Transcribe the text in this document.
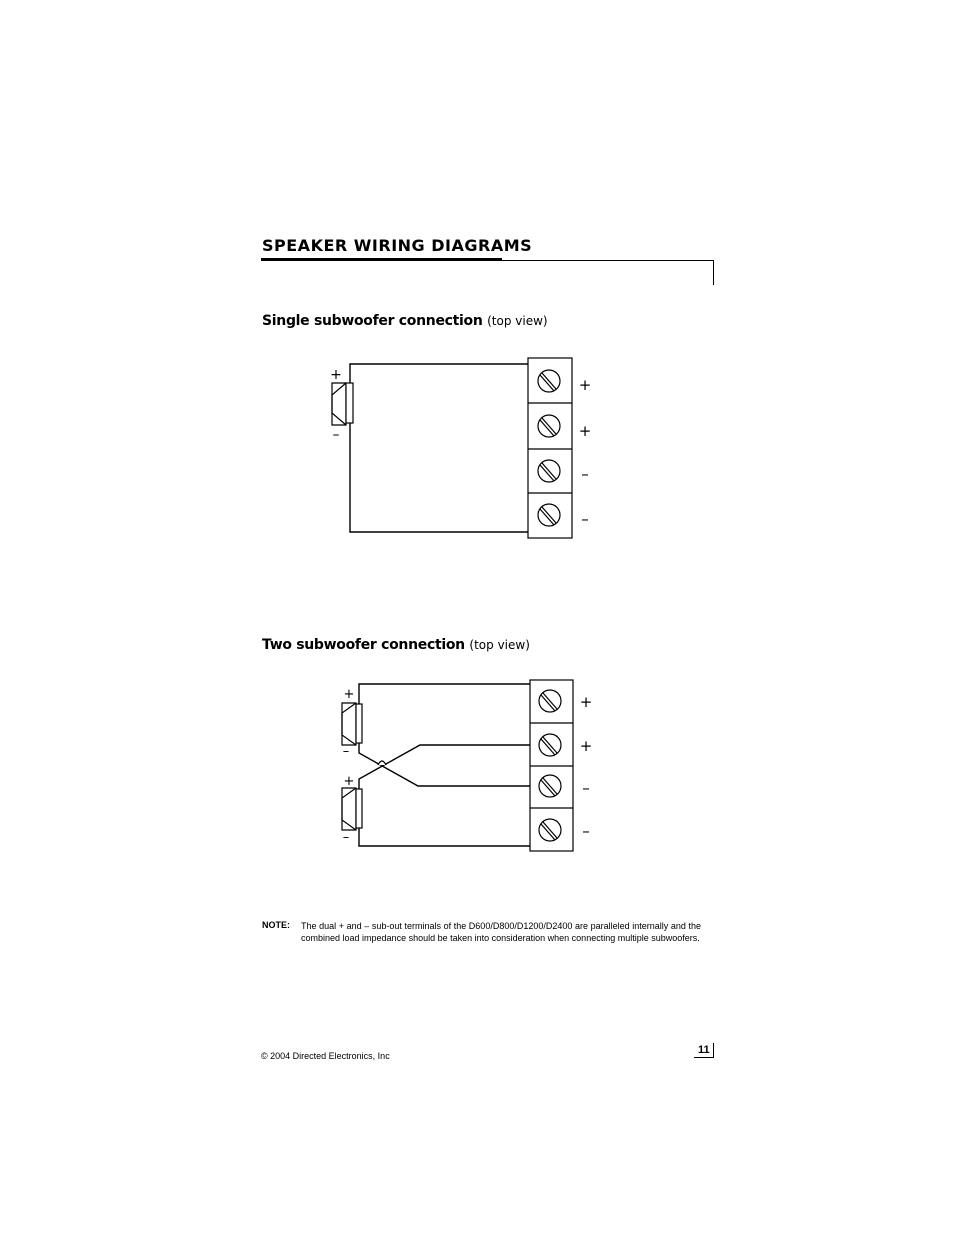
SPEAKER WIRING DIAGRAMS
Single subwoofer connection (top view)
+
–
+
+
–
–
Two subwoofer connection (top view)
+
–
+
–
+
+
–
–
NOTE: The dual + and – sub-out terminals of the D600/D800/D1200/D2400 are paralleled internally and the combined load impedance should be taken into consideration when connecting multiple subwoofers.
© 2004 Directed Electronics, Inc	11
